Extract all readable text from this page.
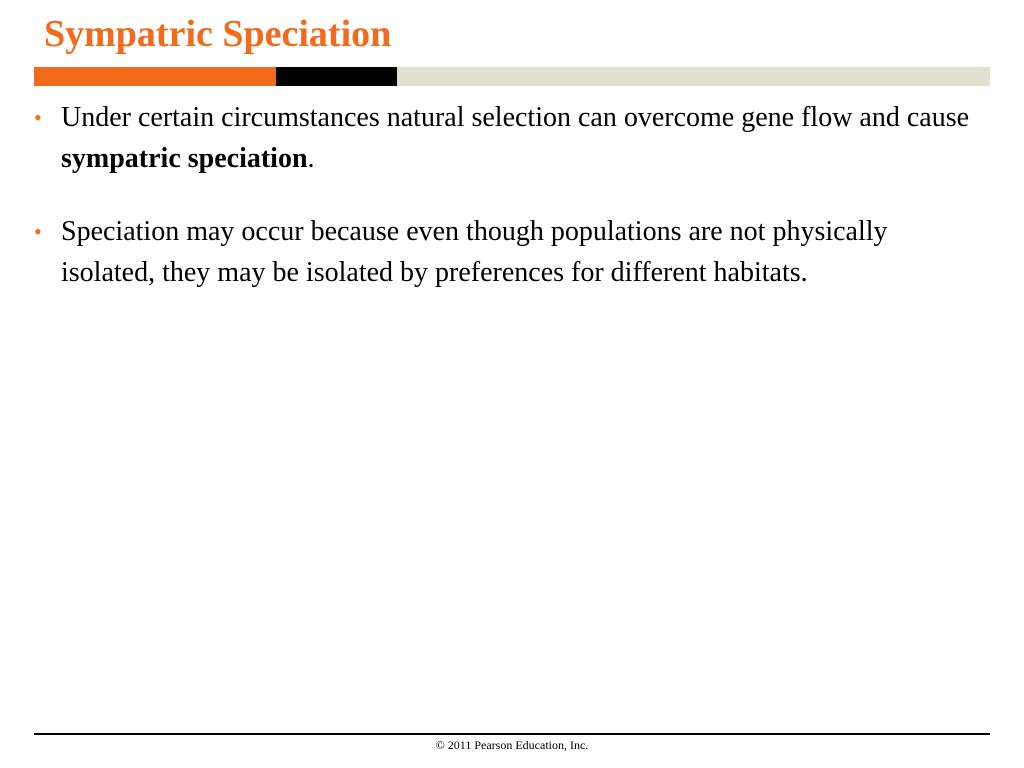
Sympatric Speciation
• Under certain circumstances natural selection can overcome gene flow and cause sympatric speciation.
• Speciation may occur because even though populations are not physically isolated, they may be isolated by preferences for different habitats.
© 2011 Pearson Education, Inc.
